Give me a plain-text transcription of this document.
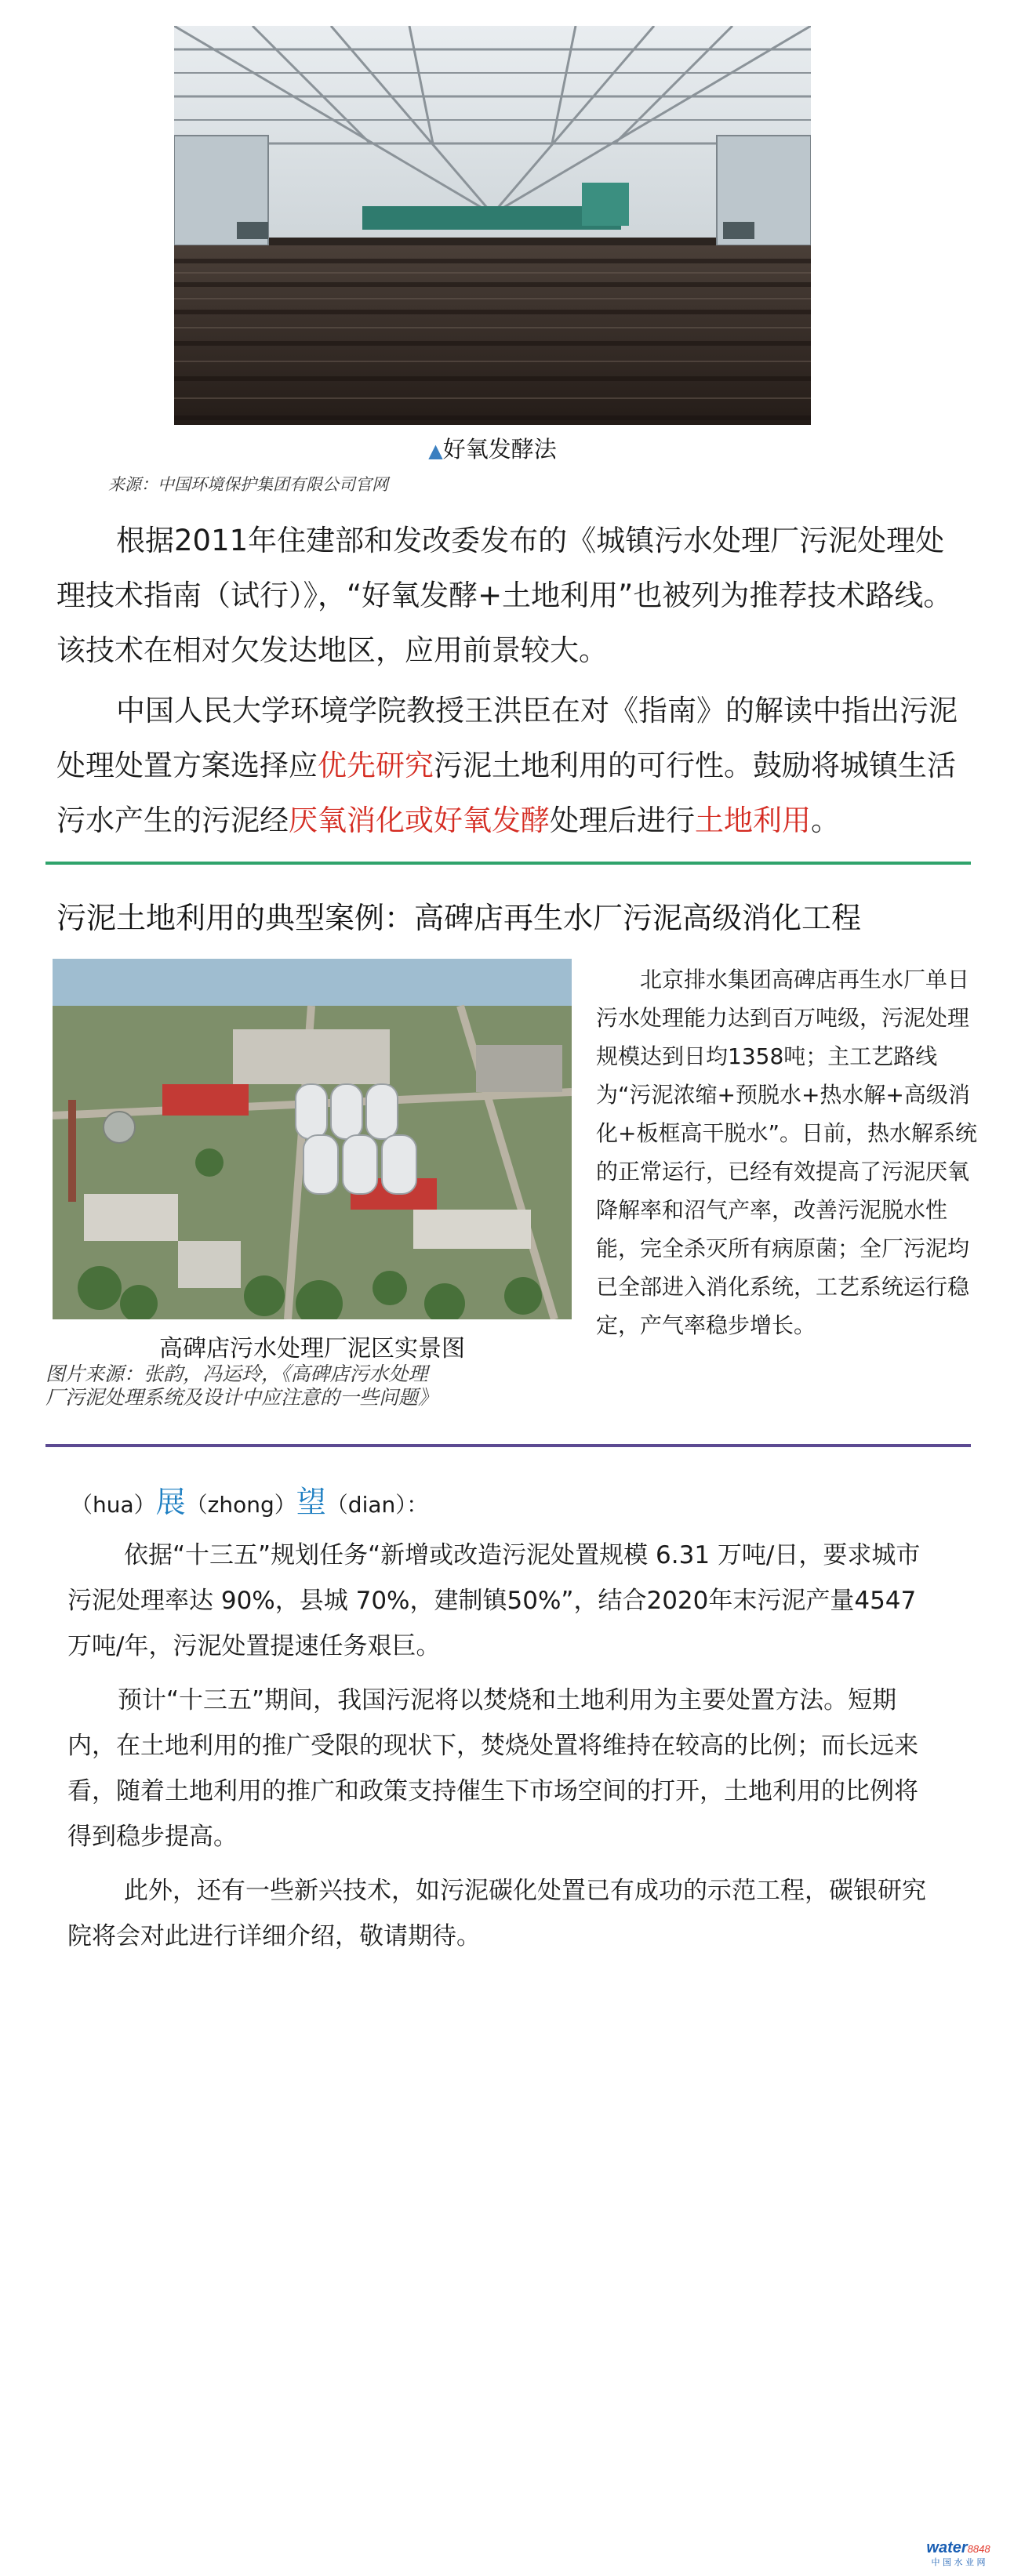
▲好氧发酵法
来源：中国环境保护集团有限公司官网
根据2011年住建部和发改委发布的《城镇污水处理厂污泥处理处理技术指南（试行）》，“好氧发酵+土地利用”也被列为推荐技术路线。该技术在相对欠发达地区，应用前景较大。
中国人民大学环境学院教授王洪臣在对《指南》的解读中指出污泥处理处置方案选择应优先研究污泥土地利用的可行性。鼓励将城镇生活污水产生的污泥经厌氧消化或好氧发酵处理后进行土地利用。
污泥土地利用的典型案例：高碑店再生水厂污泥高级消化工程
高碑店污水处理厂泥区实景图
图片来源：张韵，冯运玲，《高碑店污水处理
厂污泥处理系统及设计中应注意的一些问题》
北京排水集团高碑店再生水厂单日污水处理能力达到百万吨级，污泥处理规模达到日均1358吨；主工艺路线为“污泥浓缩+预脱水+热水解+高级消化+板框高干脱水”。日前，热水解系统的正常运行，已经有效提高了污泥厌氧降解率和沼气产率，改善污泥脱水性能，完全杀灭所有病原菌；全厂污泥均已全部进入消化系统，工艺系统运行稳定，产气率稳步增长。
（hua）展（zhong）望（dian）：
依据“十三五”规划任务“新增或改造污泥处置规模 6.31 万吨/日，要求城市污泥处理率达 90%，县城 70%，建制镇50%”，结合2020年末污泥产量4547万吨/年，污泥处置提速任务艰巨。
预计“十三五”期间，我国污泥将以焚烧和土地利用为主要处置方法。短期内，在土地利用的推广受限的现状下，焚烧处置将维持在较高的比例；而长远来看，随着土地利用的推广和政策支持催生下市场空间的打开，土地利用的比例将得到稳步提高。
此外，还有一些新兴技术，如污泥碳化处置已有成功的示范工程，碳银研究院将会对此进行详细介绍，敬请期待。
water8848
中 国 水 业 网
